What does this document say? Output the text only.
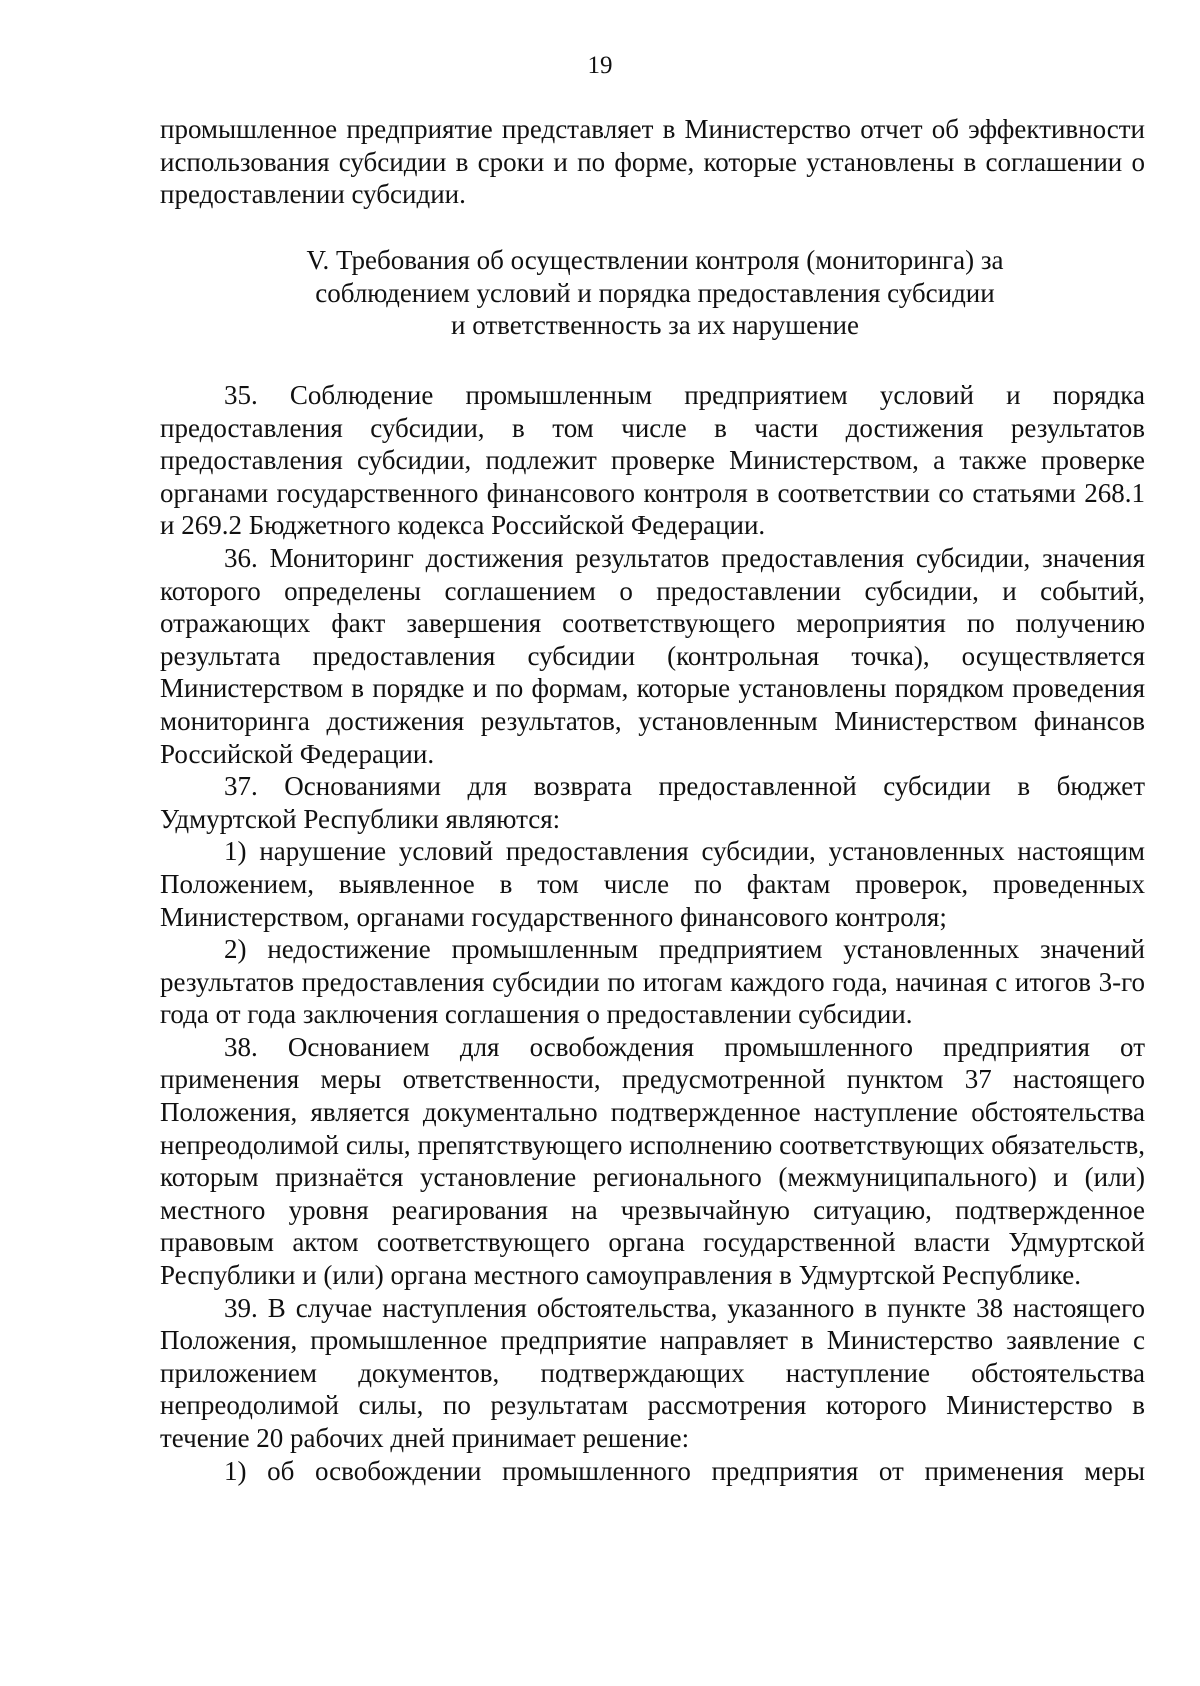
19

промышленное предприятие представляет в Министерство отчет об эффективности использования субсидии в сроки и по форме, которые установлены в соглашении о предоставлении субсидии.

V. Требования об осуществлении контроля (мониторинга) за
соблюдением условий и порядка предоставления субсидии
и ответственность за их нарушение

35. Соблюдение промышленным предприятием условий и порядка предоставления субсидии, в том числе в части достижения результатов предоставления субсидии, подлежит проверке Министерством, а также проверке органами государственного финансового контроля в соответствии со статьями 268.1 и 269.2 Бюджетного кодекса Российской Федерации.

36. Мониторинг достижения результатов предоставления субсидии, значения которого определены соглашением о предоставлении субсидии, и событий, отражающих факт завершения соответствующего мероприятия по получению результата предоставления субсидии (контрольная точка), осуществляется Министерством в порядке и по формам, которые установлены порядком проведения мониторинга достижения результатов, установленным Министерством финансов Российской Федерации.

37. Основаниями для возврата предоставленной субсидии в бюджет Удмуртской Республики являются:

1) нарушение условий предоставления субсидии, установленных настоящим Положением, выявленное в том числе по фактам проверок, проведенных Министерством, органами государственного финансового контроля;

2) недостижение промышленным предприятием установленных значений результатов предоставления субсидии по итогам каждого года, начиная с итогов 3-го года от года заключения соглашения о предоставлении субсидии.

38. Основанием для освобождения промышленного предприятия от применения меры ответственности, предусмотренной пунктом 37 настоящего Положения, является документально подтвержденное наступление обстоятельства непреодолимой силы, препятствующего исполнению соответствующих обязательств, которым признаётся установление регионального (межмуниципального) и (или) местного уровня реагирования на чрезвычайную ситуацию, подтвержденное правовым актом соответствующего органа государственной власти Удмуртской Республики и (или) органа местного самоуправления в Удмуртской Республике.

39. В случае наступления обстоятельства, указанного в пункте 38 настоящего Положения, промышленное предприятие направляет в Министерство заявление с приложением документов, подтверждающих наступление обстоятельства непреодолимой силы, по результатам рассмотрения которого Министерство в течение 20 рабочих дней принимает решение:

1) об освобождении промышленного предприятия от применения меры
